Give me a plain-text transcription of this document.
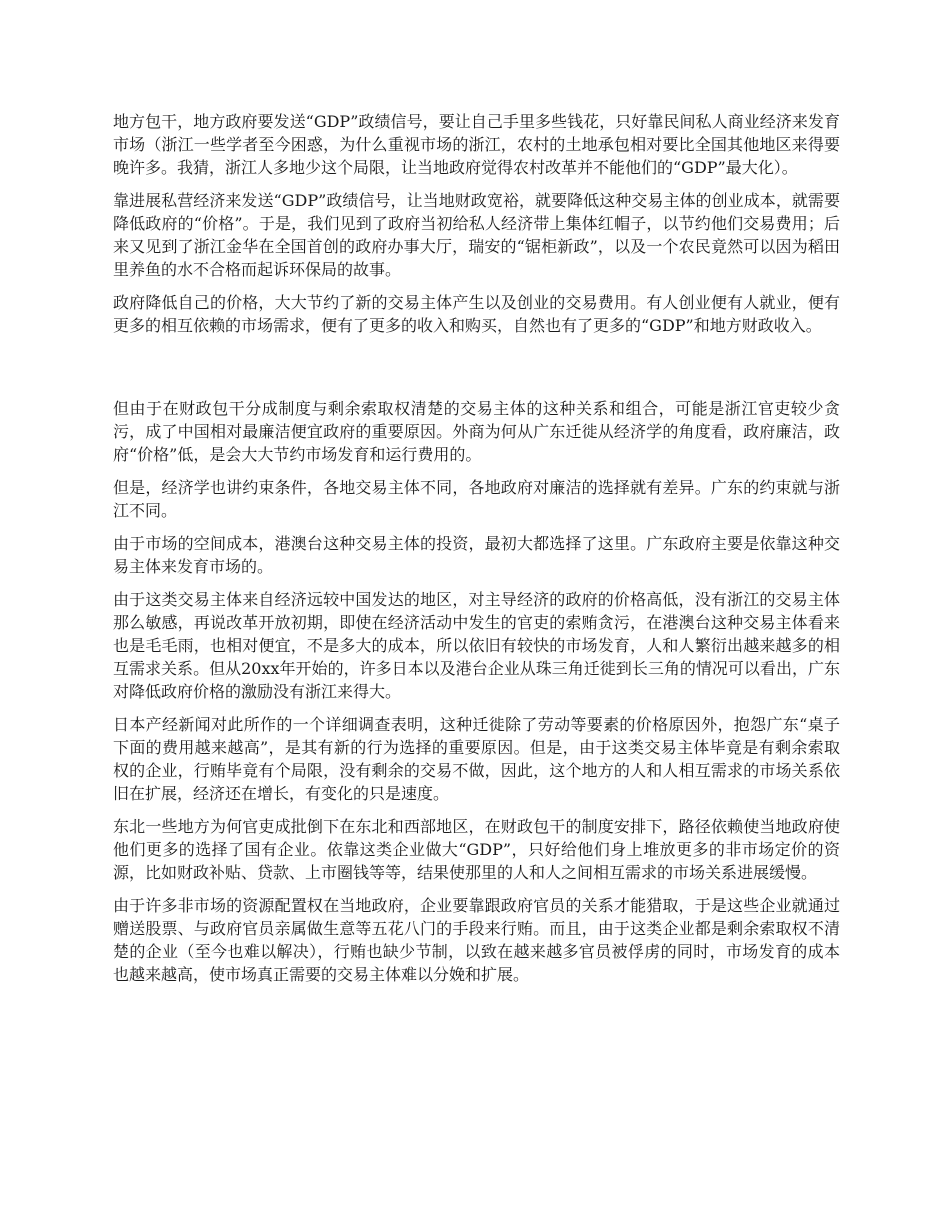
地方包干，地方政府要发送“GDP”政绩信号，要让自己手里多些钱花，只好靠民间私人商业经济来发育市场（浙江一些学者至今困惑，为什么重视市场的浙江，农村的土地承包相对要比全国其他地区来得要晚许多。我猜，浙江人多地少这个局限，让当地政府觉得农村改革并不能他们的“GDP”最大化）。

靠进展私营经济来发送“GDP”政绩信号，让当地财政宽裕，就要降低这种交易主体的创业成本，就需要降低政府的“价格”。于是，我们见到了政府当初给私人经济带上集体红帽子，以节约他们交易费用；后来又见到了浙江金华在全国首创的政府办事大厅，瑞安的“锯柜新政”，以及一个农民竟然可以因为稻田里养鱼的水不合格而起诉环保局的故事。

政府降低自己的价格，大大节约了新的交易主体产生以及创业的交易费用。有人创业便有人就业，便有更多的相互依赖的市场需求，便有了更多的收入和购买，自然也有了更多的“GDP”和地方财政收入。

但由于在财政包干分成制度与剩余索取权清楚的交易主体的这种关系和组合，可能是浙江官吏较少贪污，成了中国相对最廉洁便宜政府的重要原因。外商为何从广东迁徙从经济学的角度看，政府廉洁，政府“价格”低，是会大大节约市场发育和运行费用的。

但是，经济学也讲约束条件，各地交易主体不同，各地政府对廉洁的选择就有差异。广东的约束就与浙江不同。

由于市场的空间成本，港澳台这种交易主体的投资，最初大都选择了这里。广东政府主要是依靠这种交易主体来发育市场的。

由于这类交易主体来自经济远较中国发达的地区，对主导经济的政府的价格高低，没有浙江的交易主体那么敏感，再说改革开放初期，即使在经济活动中发生的官吏的索贿贪污，在港澳台这种交易主体看来也是毛毛雨，也相对便宜，不是多大的成本，所以依旧有较快的市场发育，人和人繁衍出越来越多的相互需求关系。但从20xx年开始的，许多日本以及港台企业从珠三角迁徙到长三角的情况可以看出，广东对降低政府价格的激励没有浙江来得大。

日本产经新闻对此所作的一个详细调查表明，这种迁徙除了劳动等要素的价格原因外，抱怨广东“桌子下面的费用越来越高”，是其有新的行为选择的重要原因。但是，由于这类交易主体毕竟是有剩余索取权的企业，行贿毕竟有个局限，没有剩余的交易不做，因此，这个地方的人和人相互需求的市场关系依旧在扩展，经济还在增长，有变化的只是速度。

东北一些地方为何官吏成批倒下在东北和西部地区，在财政包干的制度安排下，路径依赖使当地政府使他们更多的选择了国有企业。依靠这类企业做大“GDP”，只好给他们身上堆放更多的非市场定价的资源，比如财政补贴、贷款、上市圈钱等等，结果使那里的人和人之间相互需求的市场关系进展缓慢。

由于许多非市场的资源配置权在当地政府，企业要靠跟政府官员的关系才能猎取，于是这些企业就通过赠送股票、与政府官员亲属做生意等五花八门的手段来行贿。而且，由于这类企业都是剩余索取权不清楚的企业（至今也难以解决），行贿也缺少节制，以致在越来越多官员被俘虏的同时，市场发育的成本也越来越高，使市场真正需要的交易主体难以分娩和扩展。
